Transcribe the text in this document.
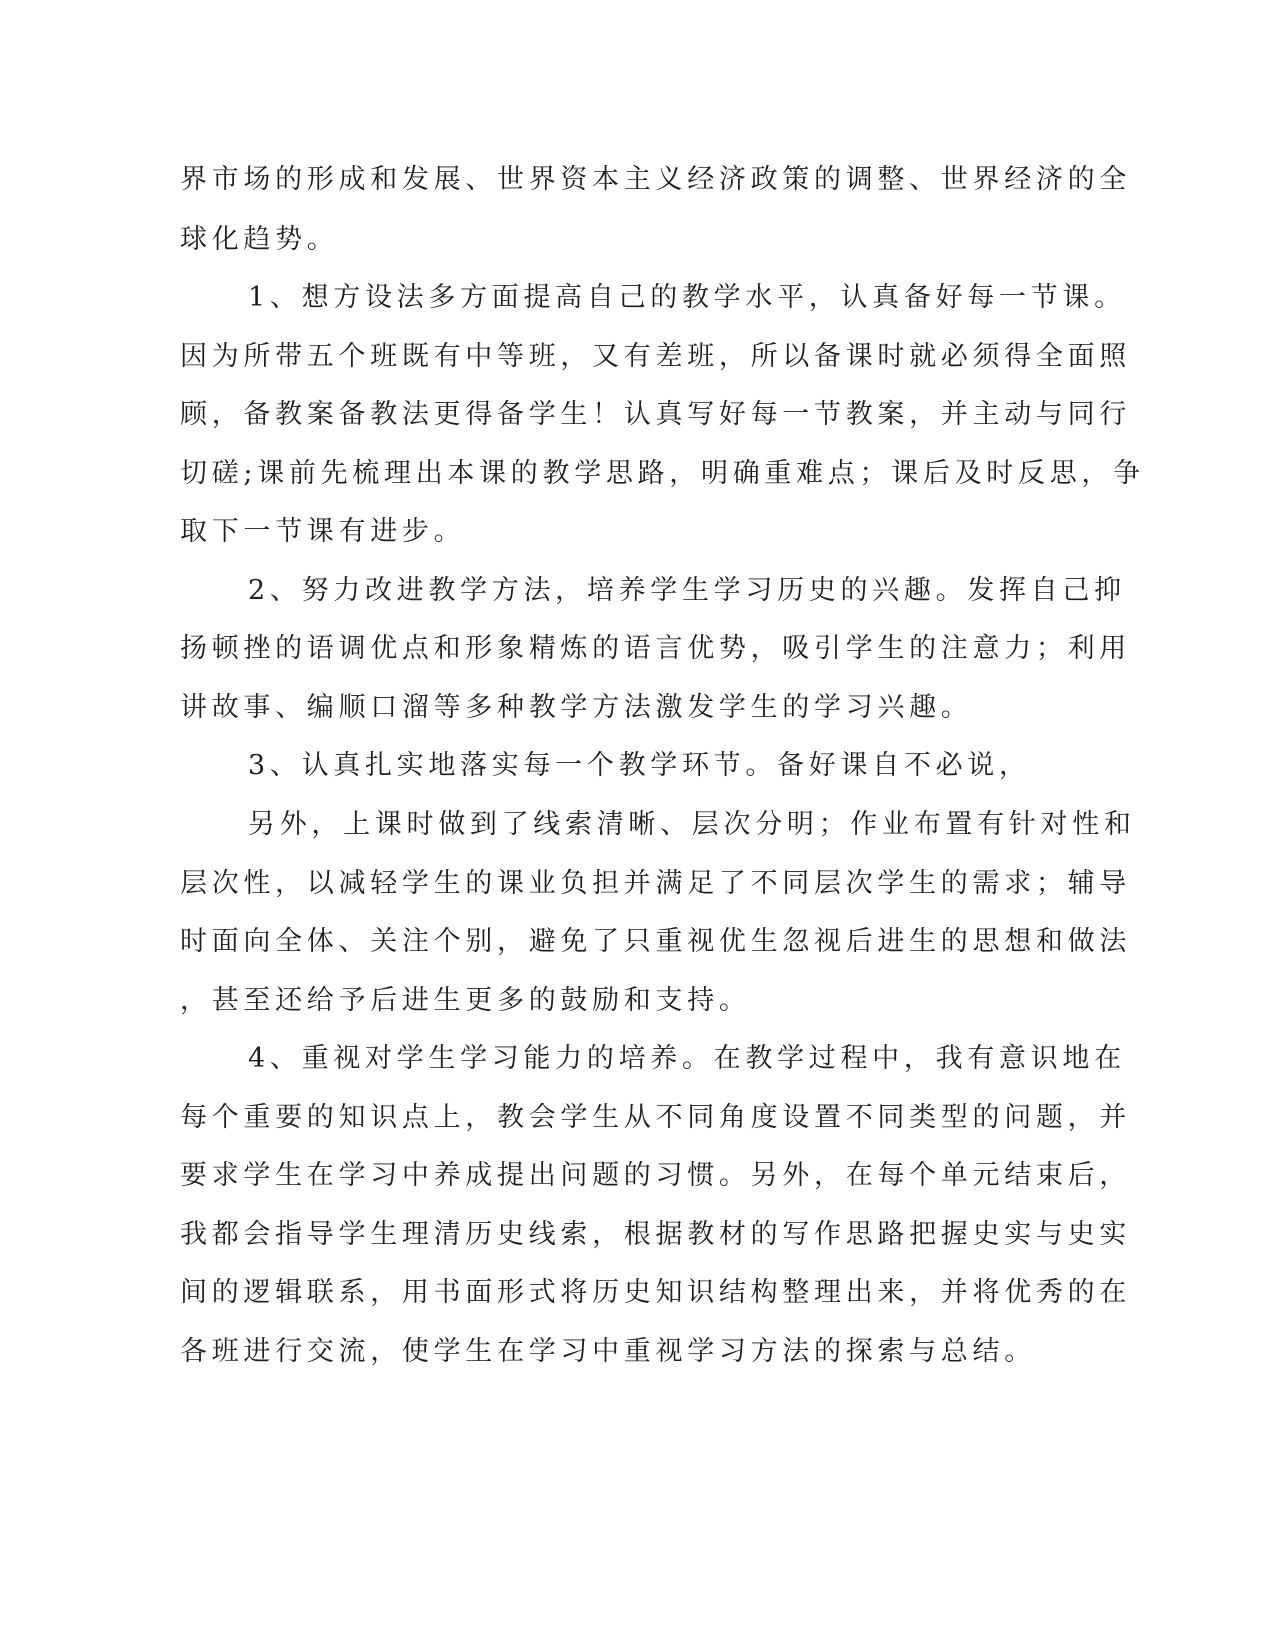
界市场的形成和发展、世界资本主义经济政策的调整、世界经济的全
球化趋势。
1、想方设法多方面提高自己的教学水平，认真备好每一节课。
因为所带五个班既有中等班，又有差班，所以备课时就必须得全面照
顾，备教案备教法更得备学生！认真写好每一节教案，并主动与同行
切磋;课前先梳理出本课的教学思路，明确重难点；课后及时反思，争
取下一节课有进步。
2、努力改进教学方法，培养学生学习历史的兴趣。发挥自己抑
扬顿挫的语调优点和形象精炼的语言优势，吸引学生的注意力；利用
讲故事、编顺口溜等多种教学方法激发学生的学习兴趣。
3、认真扎实地落实每一个教学环节。备好课自不必说，
另外，上课时做到了线索清晰、层次分明；作业布置有针对性和
层次性，以减轻学生的课业负担并满足了不同层次学生的需求；辅导
时面向全体、关注个别，避免了只重视优生忽视后进生的思想和做法
，甚至还给予后进生更多的鼓励和支持。
4、重视对学生学习能力的培养。在教学过程中，我有意识地在
每个重要的知识点上，教会学生从不同角度设置不同类型的问题，并
要求学生在学习中养成提出问题的习惯。另外，在每个单元结束后，
我都会指导学生理清历史线索，根据教材的写作思路把握史实与史实
间的逻辑联系，用书面形式将历史知识结构整理出来，并将优秀的在
各班进行交流，使学生在学习中重视学习方法的探索与总结。
